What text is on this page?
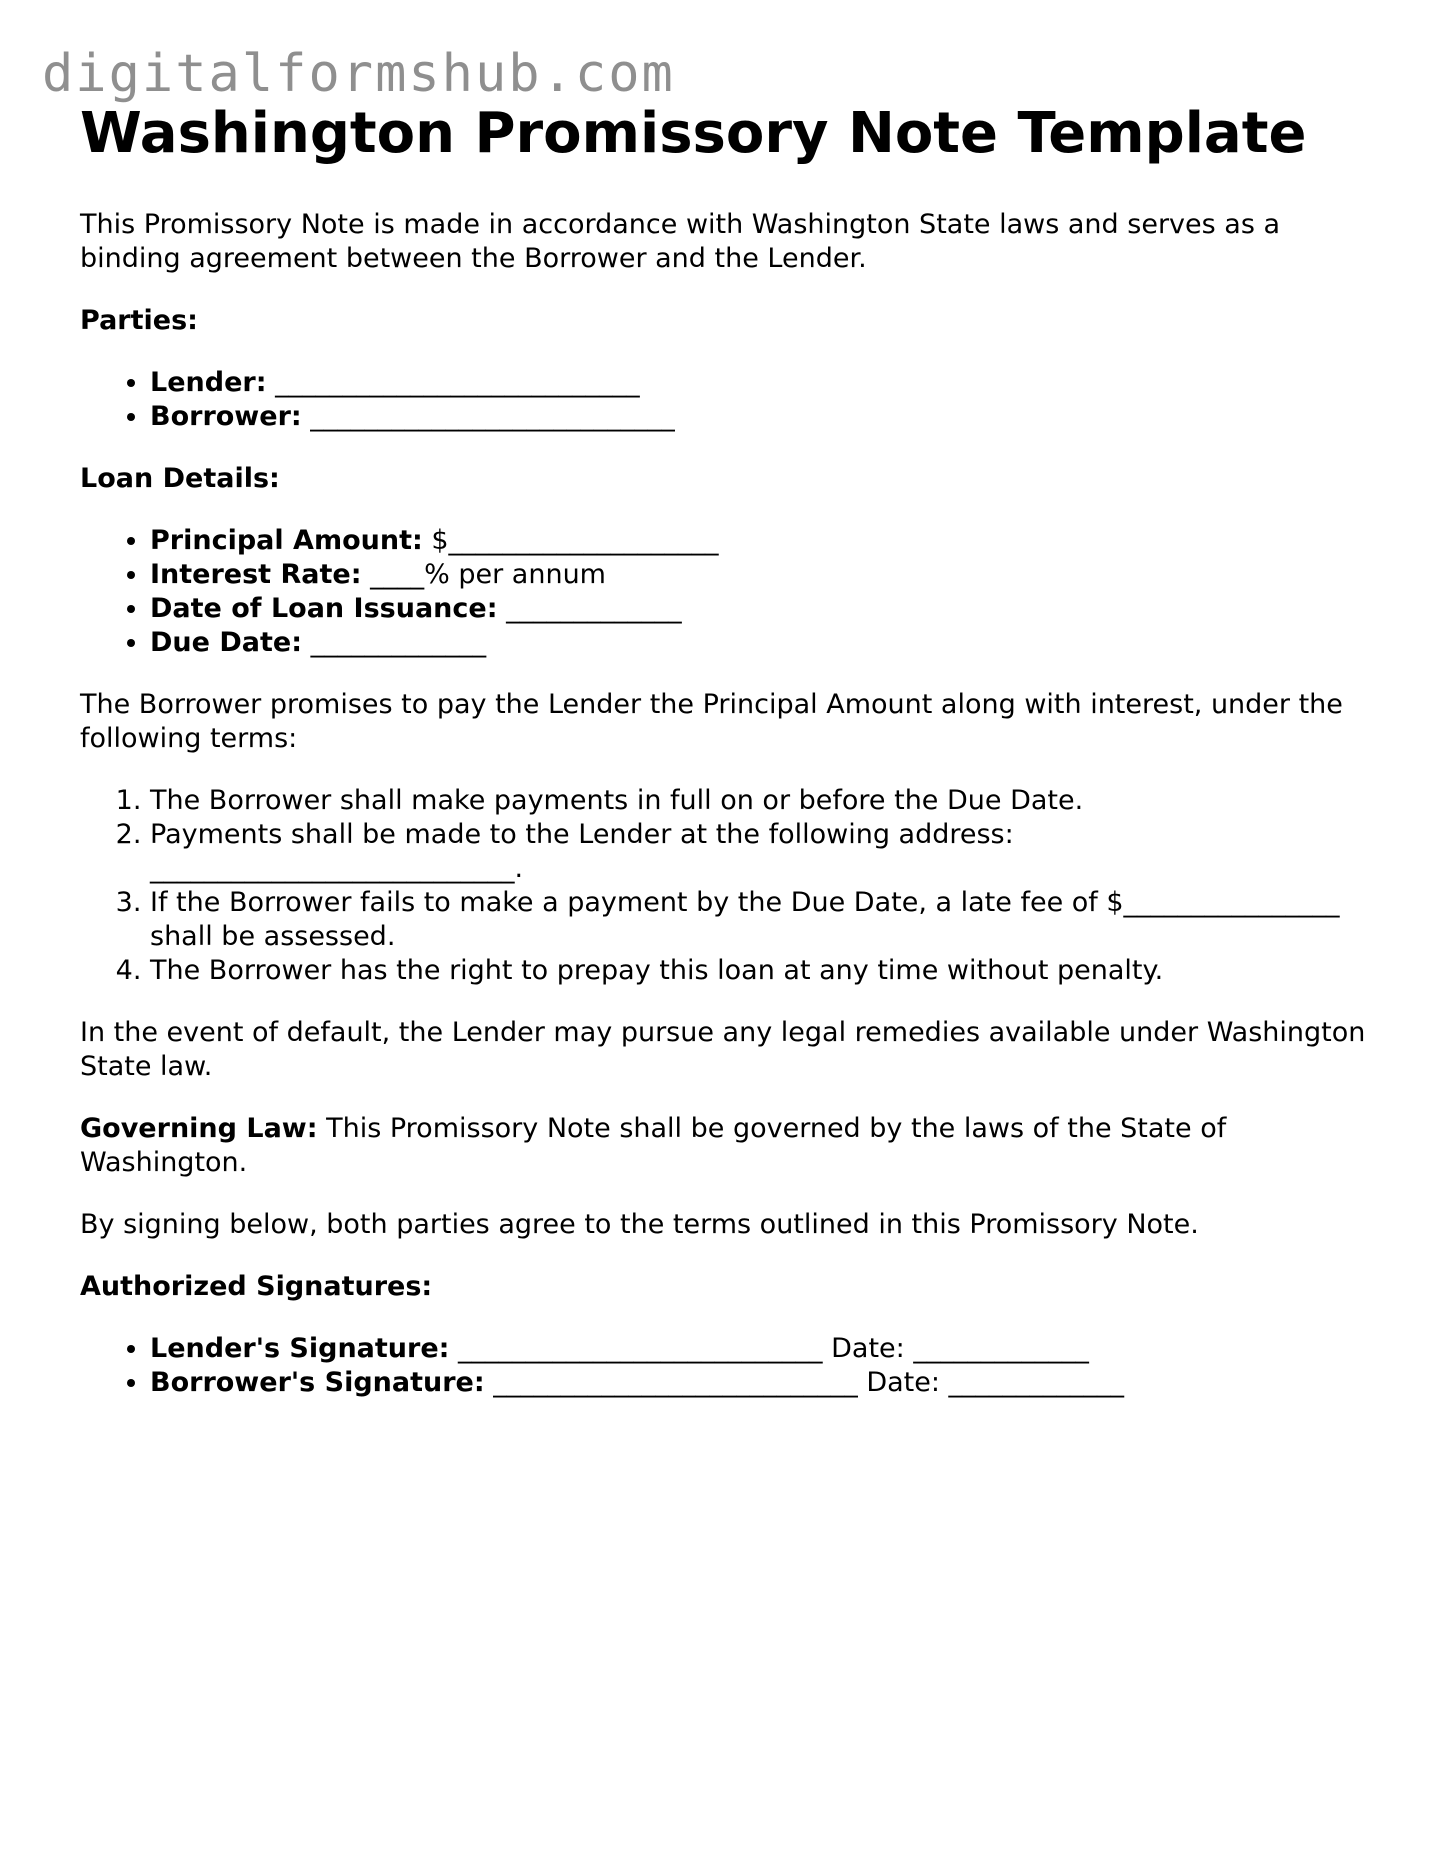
digitalformshub.com
Washington Promissory Note Template

This Promissory Note is made in accordance with Washington State laws and serves as a binding agreement between the Borrower and the Lender.

Parties:

• Lender: ___________________________
• Borrower: ___________________________

Loan Details:

• Principal Amount: $____________________
• Interest Rate: ____% per annum
• Date of Loan Issuance: _____________
• Due Date: _____________

The Borrower promises to pay the Lender the Principal Amount along with interest, under the following terms:

1. The Borrower shall make payments in full on or before the Due Date.
2. Payments shall be made to the Lender at the following address: ___________________________.
3. If the Borrower fails to make a payment by the Due Date, a late fee of $________________ shall be assessed.
4. The Borrower has the right to prepay this loan at any time without penalty.

In the event of default, the Lender may pursue any legal remedies available under Washington State law.

Governing Law: This Promissory Note shall be governed by the laws of the State of Washington.

By signing below, both parties agree to the terms outlined in this Promissory Note.

Authorized Signatures:

• Lender's Signature: ___________________________ Date: _____________
• Borrower's Signature: ___________________________ Date: _____________
